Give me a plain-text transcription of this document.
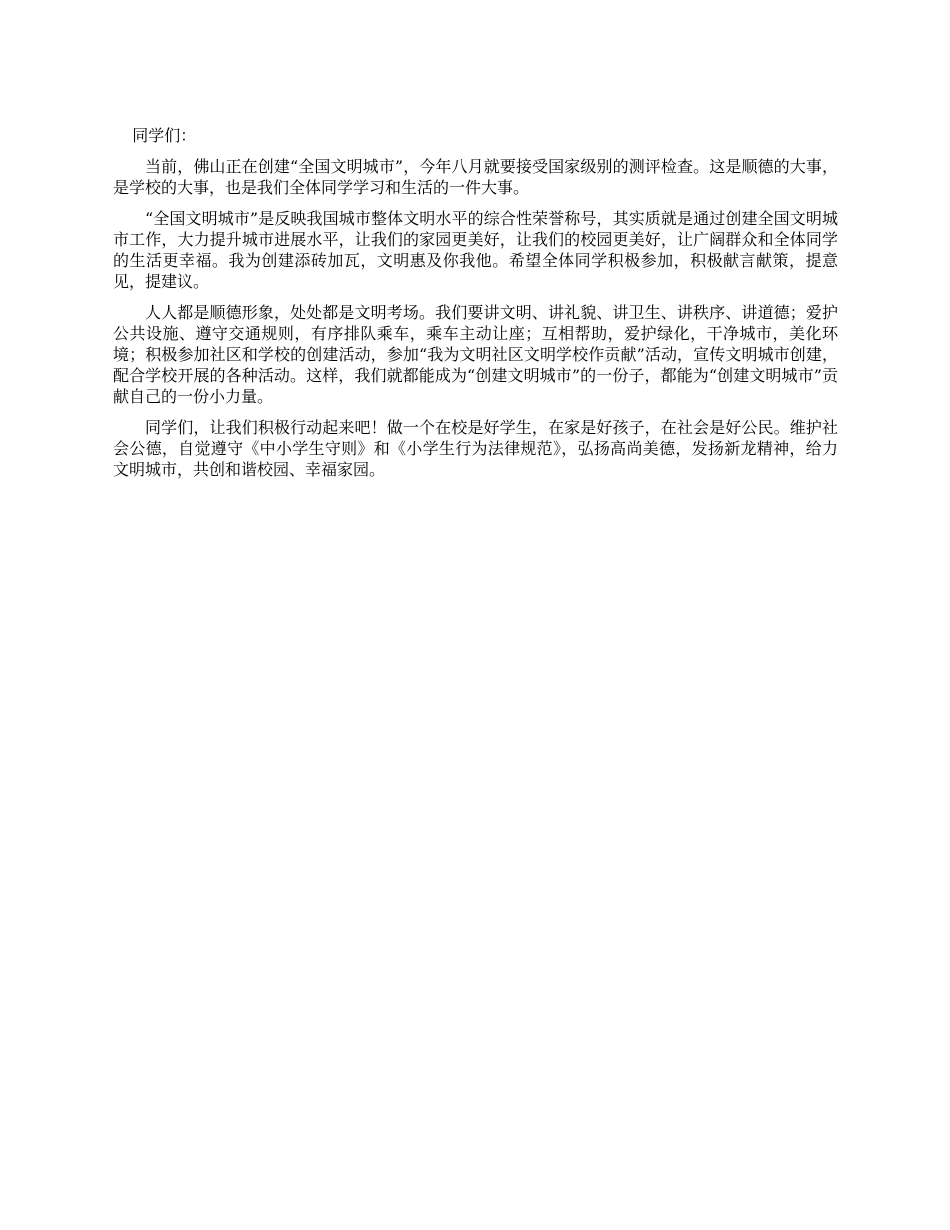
同学们：

当前，佛山正在创建“全国文明城市”，今年八月就要接受国家级别的测评检查。这是顺德的大事，是学校的大事，也是我们全体同学学习和生活的一件大事。

“全国文明城市”是反映我国城市整体文明水平的综合性荣誉称号，其实质就是通过创建全国文明城市工作，大力提升城市进展水平，让我们的家园更美好，让我们的校园更美好，让广阔群众和全体同学的生活更幸福。我为创建添砖加瓦，文明惠及你我他。希望全体同学积极参加，积极献言献策，提意见，提建议。

人人都是顺德形象，处处都是文明考场。我们要讲文明、讲礼貌、讲卫生、讲秩序、讲道德；爱护公共设施、遵守交通规则，有序排队乘车，乘车主动让座；互相帮助，爱护绿化，干净城市，美化环境；积极参加社区和学校的创建活动，参加“我为文明社区文明学校作贡献”活动，宣传文明城市创建，配合学校开展的各种活动。这样，我们就都能成为“创建文明城市”的一份子，都能为“创建文明城市”贡献自己的一份小力量。

同学们，让我们积极行动起来吧！做一个在校是好学生，在家是好孩子，在社会是好公民。维护社会公德，自觉遵守《中小学生守则》和《小学生行为法律规范》，弘扬高尚美德，发扬新龙精神，给力文明城市，共创和谐校园、幸福家园。
